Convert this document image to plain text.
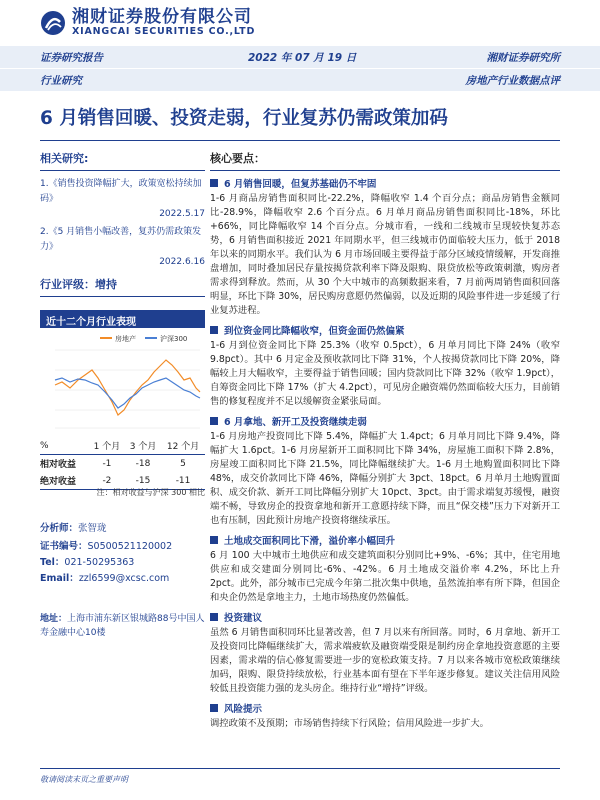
湘财证券股份有限公司
XIANGCAI SECURITIES CO.,LTD
证券研究报告	2022 年 07 月 19 日	湘财证券研究所
行业研究	房地产行业数据点评
6 月销售回暖、投资走弱，行业复苏仍需政策加码
相关研究:
1.《销售投资降幅扩大，政策宽松持续加码》
2022.5.17
2.《5 月销售小幅改善，复苏仍需政策发力》
2022.6.16
行业评级：增持
近十二个月行业表现
房地产	沪深300
%	1 个月	3 个月	12 个月
相对收益	-1	-18	5
绝对收益	-2	-15	-11
注：相对收益与沪深 300 相比
分析师：张智珑
证书编号：S0500521120002
Tel：021-50295363
Email：zzl6599@xcsc.com
地址：上海市浦东新区银城路88号中国人寿金融中心10楼
核心要点：
6 月销售回暖，但复苏基础仍不牢固
1-6 月商品房销售面积同比-22.2%，降幅收窄 1.4 个百分点；商品房销售金额同比-28.9%，降幅收窄 2.6 个百分点。6 月单月商品房销售面积同比-18%，环比+66%，同比降幅收窄 14 个百分点。分城市看，一线和二线城市呈现较快复苏态势，6 月销售面积接近 2021 年同期水平，但三线城市仍面临较大压力，低于 2018 年以来的同期水平。我们认为 6 月市场回暖主要得益于部分区域疫情缓解，开发商推盘增加，同时叠加居民存量按揭贷款利率下降及限购、限贷放松等政策刺激，购房者需求得到释放。然而，从 30 个大中城市的高频数据来看，7 月前两周销售面积回落明显，环比下降 30%，居民购房意愿仍然偏弱，以及近期的风险事件进一步延缓了行业复苏进程。
到位资金同比降幅收窄，但资金面仍然偏紧
1-6 月到位资金同比下降 25.3%（收窄 0.5pct），6 月单月同比下降 24%（收窄 9.8pct）。其中 6 月定金及预收款同比下降 31%，个人按揭贷款同比下降 20%，降幅较上月大幅收窄，主要得益于销售回暖；国内贷款同比下降 32%（收窄 1.9pct），自筹资金同比下降 17%（扩大 4.2pct），可见房企融资端仍然面临较大压力，目前销售的修复程度并不足以缓解资金紧张局面。
6 月拿地、新开工及投资继续走弱
1-6 月房地产投资同比下降 5.4%，降幅扩大 1.4pct；6 月单月同比下降 9.4%，降幅扩大 1.6pct。1-6 月房屋新开工面积同比下降 34%，房屋施工面积下降 2.8%，房屋竣工面积同比下降 21.5%，同比降幅继续扩大。1-6 月土地购置面积同比下降 48%，成交价款同比下降 46%，降幅分别扩大 3pct、18pct。6 月单月土地购置面积、成交价款、新开工同比降幅分别扩大 10pct、3pct。由于需求端复苏缓慢，融资端不畅，导致房企的投资拿地和新开工意愿持续下降，而且“保交楼”压力下对新开工也有压制，因此预计房地产投资将继续承压。
土地成交面积同比下滑，溢价率小幅回升
6 月 100 大中城市土地供应和成交建筑面积分别同比+9%、-6%；其中，住宅用地供应和成交建面分别同比-6%、-42%。6 月土地成交溢价率 4.2%，环比上升 2pct。此外，部分城市已完成今年第二批次集中供地，虽然流拍率有所下降，但国企和央企仍然是拿地主力，土地市场热度仍然偏低。
投资建议
虽然 6 月销售面积同环比显著改善，但 7 月以来有所回落。同时，6 月拿地、新开工及投资同比降幅继续扩大，需求端疲软及融资端受限是制约房企拿地投资意愿的主要因素，需求端的信心修复需要进一步的宽松政策支持。7 月以来各城市宽松政策继续加码，限购、限贷持续放松，行业基本面有望在下半年逐步修复。建议关注信用风险较低且投资能力强的龙头房企。维持行业“增持”评级。
风险提示
调控政策不及预期；市场销售持续下行风险；信用风险进一步扩大。
敬请阅读末页之重要声明
